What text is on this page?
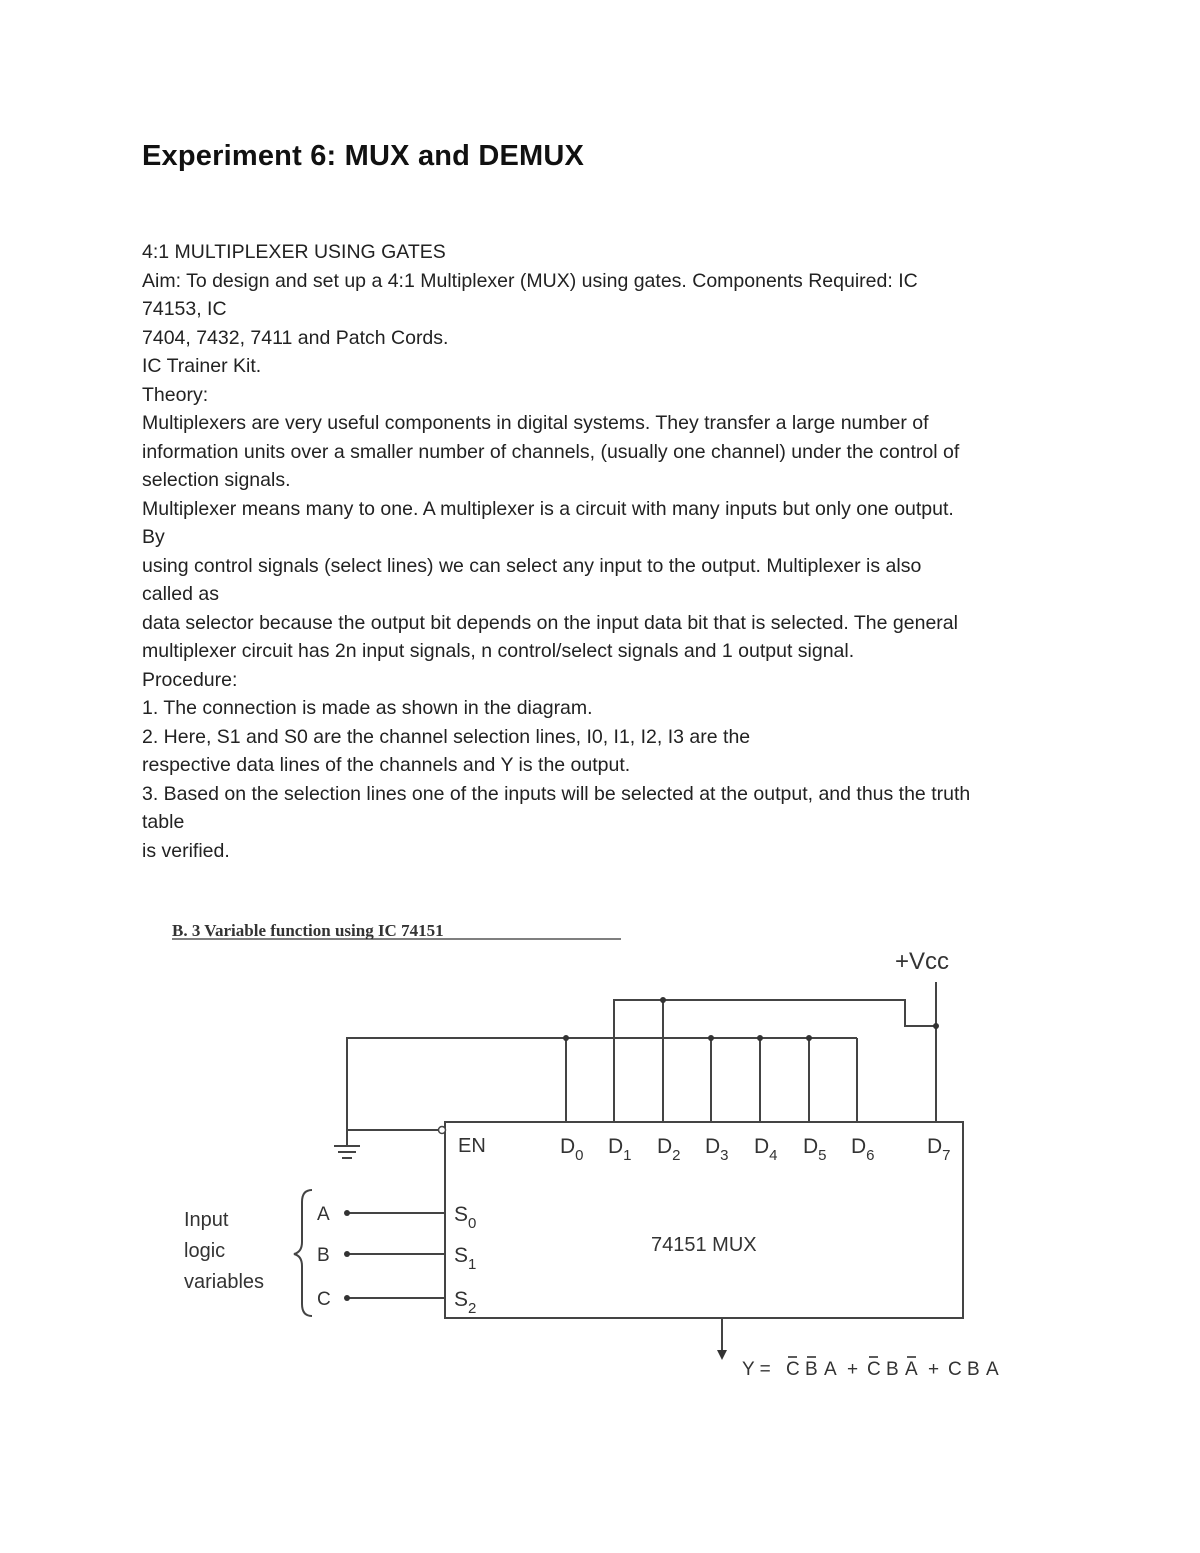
Experiment 6: MUX and DEMUX
4:1 MULTIPLEXER USING GATES
Aim: To design and set up a 4:1 Multiplexer (MUX) using gates. Components Required: IC
74153, IC
7404, 7432, 7411 and Patch Cords.
IC Trainer Kit.
Theory:
Multiplexers are very useful components in digital systems. They transfer a large number of
information units over a smaller number of channels, (usually one channel) under the control of
selection signals.
Multiplexer means many to one. A multiplexer is a circuit with many inputs but only one output.
By
using control signals (select lines) we can select any input to the output. Multiplexer is also
called as
data selector because the output bit depends on the input data bit that is selected. The general
multiplexer circuit has 2n input signals, n control/select signals and 1 output signal.
Procedure:
1. The connection is made as shown in the diagram.
2. Here, S1 and S0 are the channel selection lines, I0, I1, I2, I3 are the
respective data lines of the channels and Y is the output.
3. Based on the selection lines one of the inputs will be selected at the output, and thus the truth
table
is verified.
B. 3 Variable function using IC 74151
+Vcc
EN
74151 MUX
$D_0$ $D_1$ $D_2$ $D_3$ $D_4$ $D_5$ $D_6$ $D_7$
$S_0$
$S_1$
$S_2$
A
B
C
Input
logic
variables
Y = C B A + C B A + C B A
